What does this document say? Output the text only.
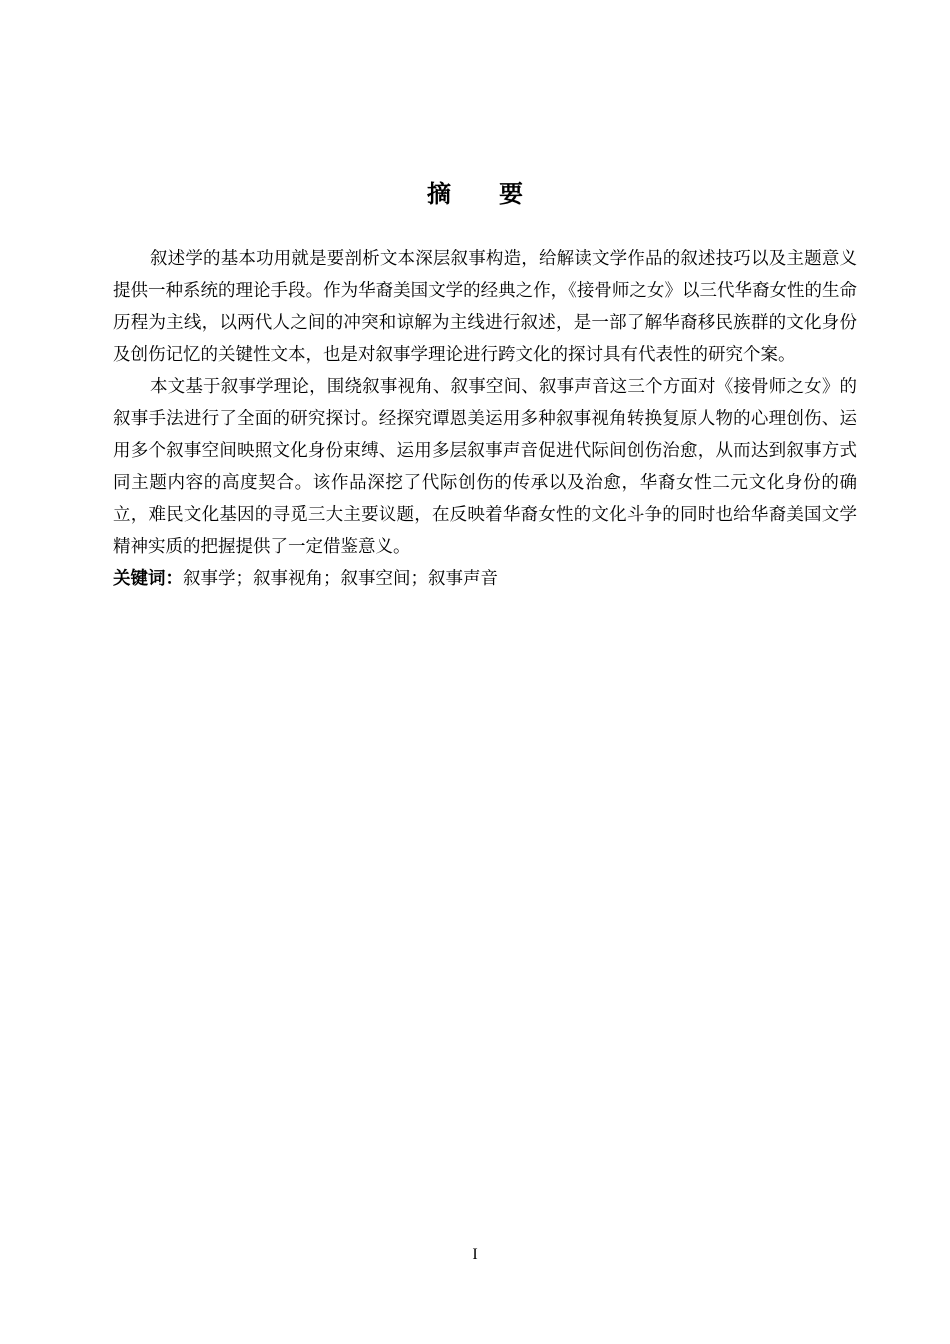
摘要

叙述学的基本功用就是要剖析文本深层叙事构造，给解读文学作品的叙述技巧以及主题意义提供一种系统的理论手段。作为华裔美国文学的经典之作，《接骨师之女》以三代华裔女性的生命历程为主线，以两代人之间的冲突和谅解为主线进行叙述，是一部了解华裔移民族群的文化身份及创伤记忆的关键性文本，也是对叙事学理论进行跨文化的探讨具有代表性的研究个案。

本文基于叙事学理论，围绕叙事视角、叙事空间、叙事声音这三个方面对《接骨师之女》的叙事手法进行了全面的研究探讨。经探究谭恩美运用多种叙事视角转换复原人物的心理创伤、运用多个叙事空间映照文化身份束缚、运用多层叙事声音促进代际间创伤治愈，从而达到叙事方式同主题内容的高度契合。该作品深挖了代际创伤的传承以及治愈，华裔女性二元文化身份的确立，难民文化基因的寻觅三大主要议题，在反映着华裔女性的文化斗争的同时也给华裔美国文学精神实质的把握提供了一定借鉴意义。

关键词：叙事学；叙事视角；叙事空间；叙事声音

I
